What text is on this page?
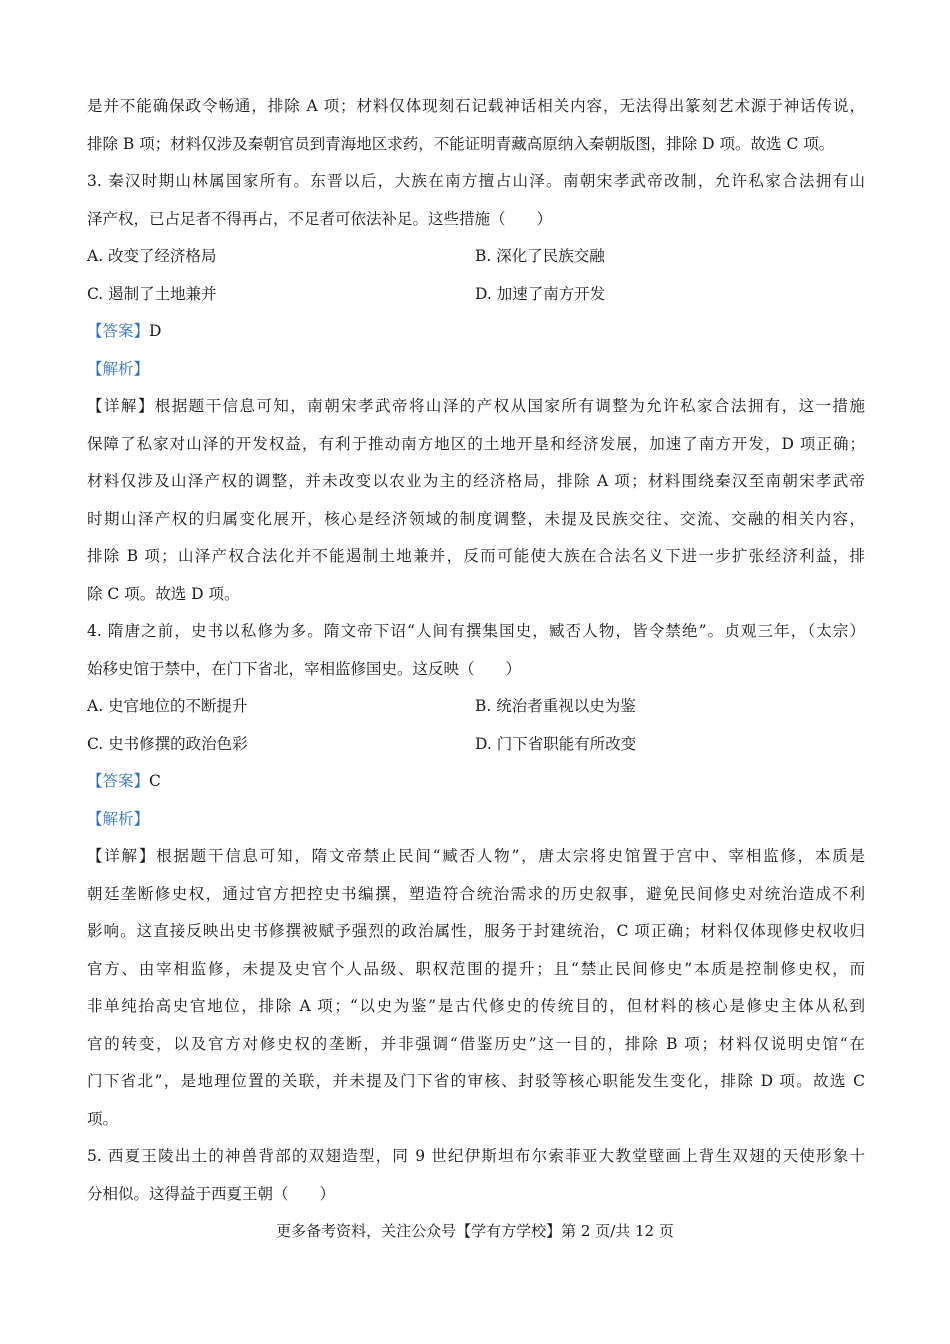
是并不能确保政令畅通，排除 A 项；材料仅体现刻石记载神话相关内容，无法得出篆刻艺术源于神话传说，
排除 B 项；材料仅涉及秦朝官员到青海地区求药，不能证明青藏高原纳入秦朝版图，排除 D 项。故选 C 项。
3. 秦汉时期山林属国家所有。东晋以后，大族在南方擅占山泽。南朝宋孝武帝改制，允许私家合法拥有山
泽产权，已占足者不得再占，不足者可依法补足。这些措施（　　）
A. 改变了经济格局	B. 深化了民族交融
C. 遏制了土地兼并	D. 加速了南方开发
【答案】D
【解析】
【详解】根据题干信息可知，南朝宋孝武帝将山泽的产权从国家所有调整为允许私家合法拥有，这一措施
保障了私家对山泽的开发权益，有利于推动南方地区的土地开垦和经济发展，加速了南方开发，D 项正确；
材料仅涉及山泽产权的调整，并未改变以农业为主的经济格局，排除 A 项；材料围绕秦汉至南朝宋孝武帝
时期山泽产权的归属变化展开，核心是经济领域的制度调整，未提及民族交往、交流、交融的相关内容，
排除 B 项；山泽产权合法化并不能遏制土地兼并，反而可能使大族在合法名义下进一步扩张经济利益，排
除 C 项。故选 D 项。
4. 隋唐之前，史书以私修为多。隋文帝下诏“人间有撰集国史，臧否人物，皆令禁绝”。贞观三年，（太宗）
始移史馆于禁中，在门下省北，宰相监修国史。这反映（　　）
A. 史官地位的不断提升	B. 统治者重视以史为鉴
C. 史书修撰的政治色彩	D. 门下省职能有所改变
【答案】C
【解析】
【详解】根据题干信息可知，隋文帝禁止民间“臧否人物”，唐太宗将史馆置于宫中、宰相监修，本质是
朝廷垄断修史权，通过官方把控史书编撰，塑造符合统治需求的历史叙事，避免民间修史对统治造成不利
影响。这直接反映出史书修撰被赋予强烈的政治属性，服务于封建统治，C 项正确；材料仅体现修史权收归
官方、由宰相监修，未提及史官个人品级、职权范围的提升；且“禁止民间修史”本质是控制修史权，而
非单纯抬高史官地位，排除 A 项；“以史为鉴”是古代修史的传统目的，但材料的核心是修史主体从私到
官的转变，以及官方对修史权的垄断，并非强调“借鉴历史”这一目的，排除 B 项；材料仅说明史馆“在
门下省北”，是地理位置的关联，并未提及门下省的审核、封驳等核心职能发生变化，排除 D 项。故选 C
项。
5. 西夏王陵出土的神兽背部的双翅造型，同 9 世纪伊斯坦布尔索菲亚大教堂壁画上背生双翅的天使形象十
分相似。这得益于西夏王朝（　　）
更多备考资料，关注公众号【学有方学校】第 2 页/共 12 页
